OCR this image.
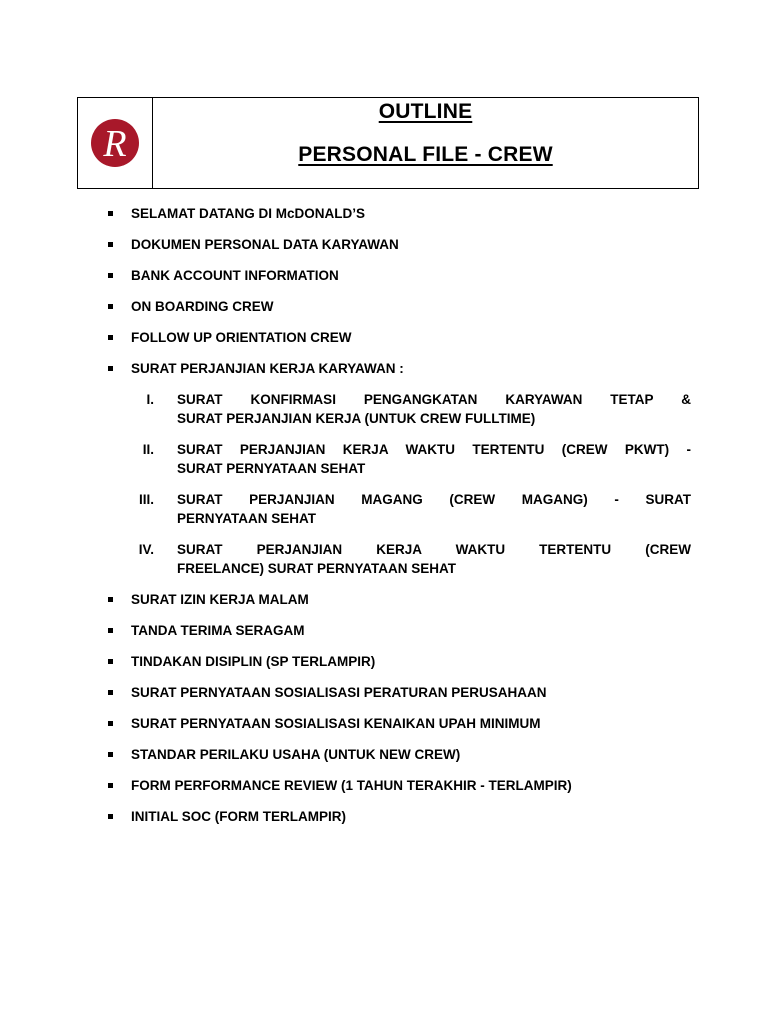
R
OUTLINE
PERSONAL FILE - CREW
SELAMAT DATANG DI McDONALD’S
DOKUMEN PERSONAL DATA KARYAWAN
BANK ACCOUNT INFORMATION
ON BOARDING CREW
FOLLOW UP ORIENTATION CREW
SURAT PERJANJIAN KERJA KARYAWAN :
I. SURAT KONFIRMASI PENGANGKATAN KARYAWAN TETAP &
SURAT PERJANJIAN KERJA (UNTUK CREW FULLTIME)
II. SURAT PERJANJIAN KERJA WAKTU TERTENTU (CREW PKWT) -
SURAT PERNYATAAN SEHAT
III. SURAT PERJANJIAN MAGANG (CREW MAGANG) - SURAT
PERNYATAAN SEHAT
IV. SURAT PERJANJIAN KERJA WAKTU TERTENTU (CREW
FREELANCE) SURAT PERNYATAAN SEHAT
SURAT IZIN KERJA MALAM
TANDA TERIMA SERAGAM
TINDAKAN DISIPLIN (SP TERLAMPIR)
SURAT PERNYATAAN SOSIALISASI PERATURAN PERUSAHAAN
SURAT PERNYATAAN SOSIALISASI KENAIKAN UPAH MINIMUM
STANDAR PERILAKU USAHA (UNTUK NEW CREW)
FORM PERFORMANCE REVIEW (1 TAHUN TERAKHIR - TERLAMPIR)
INITIAL SOC (FORM TERLAMPIR)
